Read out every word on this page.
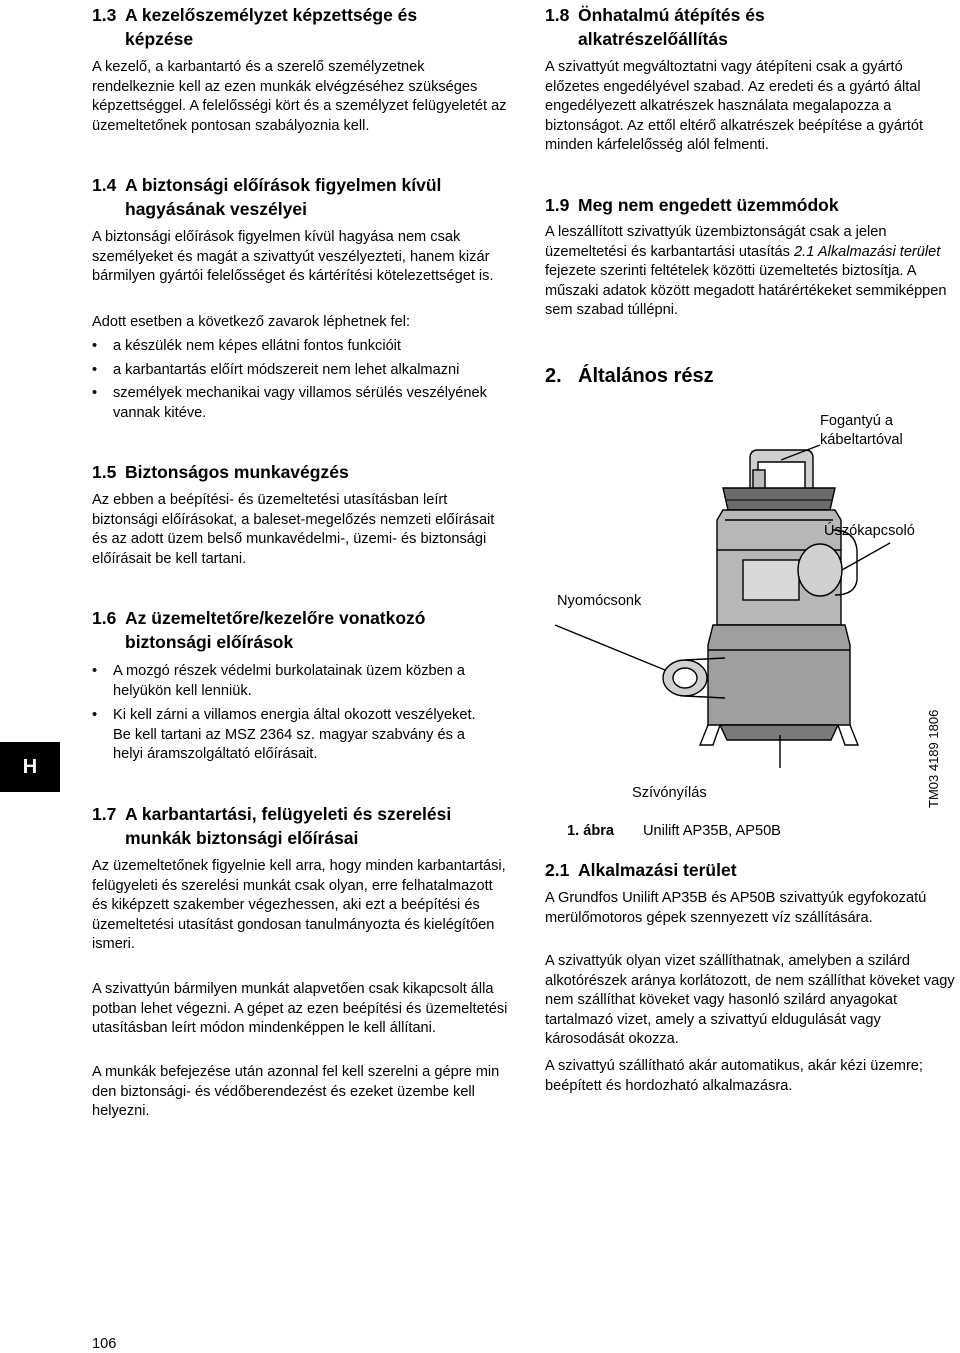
H
1.3 A kezelőszemélyzet képzettsége és
képzése

A kezelő, a karbantartó és a szerelő személyzetnek rendelkeznie kell az ezen munkák elvégzéséhez szükséges képzettséggel. A felelősségi kört és a személyzet felügyeletét az üzemeltetőnek pontosan szabályoznia kell.

1.4 A biztonsági előírások figyelmen kívül
hagyásának veszélyei

A biztonsági előírások figyelmen kívül hagyása nem csak személyeket és magát a szivattyút veszélyezteti, hanem kizár bármilyen gyártói felelősséget és kártérítési kötelezettséget is.

Adott esetben a következő zavarok léphetnek fel:

• a készülék nem képes ellátni fontos funkcióit
• a karbantartás előírt módszereit nem lehet alkalmazni
• személyek mechanikai vagy villamos sérülés veszélyének vannak kitéve.
1.5 Biztonságos munkavégzés

Az ebben a beépítési- és üzemeltetési utasításban leírt biztonsági előírásokat, a baleset-megelőzés nemzeti előírásait és az adott üzem belső munkavédelmi-, üzemi- és biztonsági előírásait be kell tartani.

1.6 Az üzemeltetőre/kezelőre vonatkozó
biztonsági előírások
• A mozgó részek védelmi burkolatainak üzem közben a helyükön kell lenniük.
• Ki kell zárni a villamos energia által okozott veszélyeket.
Be kell tartani az MSZ 2364 sz. magyar szabvány és a helyi áramszolgáltató előírásait.
1.7 A karbantartási, felügyeleti és szerelési
munkák biztonsági előírásai

Az üzemeltetőnek figyelnie kell arra, hogy minden karbantartási, felügyeleti és szerelési munkát csak olyan, erre felhatalmazott és kiképzett szakember végezhessen, aki ezt a beépítési és üzemeltetési utasítást gondosan tanulmányozta és kielégítően ismeri.

A szivattyún bármilyen munkát alapvetően csak kikapcsolt álla potban lehet végezni. A gépet az ezen beépítési és üzemeltetési utasításban leírt módon mindenképpen le kell állítani.

A munkák befejezése után azonnal fel kell szerelni a gépre min den biztonsági- és védőberendezést és ezeket üzembe kell helyezni.

1.8 Önhatalmú átépítés és
alkatrészelőállítás

A szivattyút megváltoztatni vagy átépíteni csak a gyártó előzetes engedélyével szabad. Az eredeti és a gyártó által engedélyezett alkatrészek használata megalapozza a biztonságot. Az ettől eltérő alkatrészek beépítése a gyártót minden kárfelelősség alól felmenti.

1.9 Meg nem engedett üzemmódok

A leszállított szivattyúk üzembiztonságát csak a jelen üzemeltetési és karbantartási utasítás 2.1 Alkalmazási terület fejezete szerinti feltételek közötti üzemeltetés biztosítja. A műszaki adatok között megadott határértékeket semmiképpen sem szabad túllépni.

2. Általános rész
Fogantyú a
kábeltartóval
Úszókapcsoló
Nyomócsonk
Szívónyílás	TM03 4189 1806
1. ábra Unilift AP35B, AP50B
2.1 Alkalmazási terület

A Grundfos Unilift AP35B és AP50B szivattyúk egyfokozatú merülőmotoros gépek szennyezett víz szállítására.

A szivattyúk olyan vizet szállíthatnak, amelyben a szilárd alkotórészek aránya korlátozott, de nem szállíthat köveket vagy nem szállíthat köveket vagy hasonló szilárd anyagokat tartalmazó vizet, amely a szivattyú eldugulását vagy károsodását okozza.

A szivattyú szállítható akár automatikus, akár kézi üzemre; beépített és hordozható alkalmazásra.

106
